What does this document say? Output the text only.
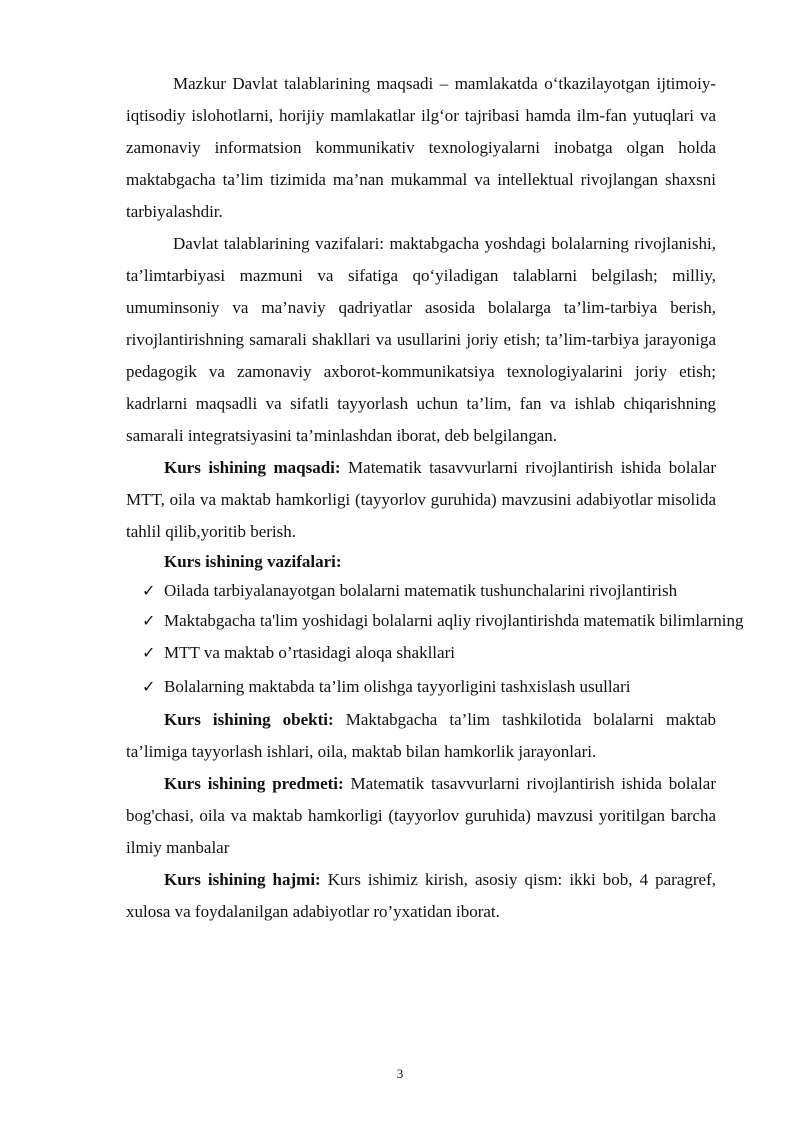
Mazkur Davlat talablarining maqsadi – mamlakatda o‘tkazilayotgan ijtimoiy-iqtisodiy islohotlarni, horijiy mamlakatlar ilg‘or tajribasi hamda ilm-fan yutuqlari va zamonaviy informatsion kommunikativ texnologiyalarni inobatga olgan holda maktabgacha ta’lim tizimida ma’nan mukammal va intellektual rivojlangan shaxsni tarbiyalashdir.

Davlat talablarining vazifalari: maktabgacha yoshdagi bolalarning rivojlanishi, ta’limtarbiyasi mazmuni va sifatiga qo‘yiladigan talablarni belgilash; milliy, umuminsoniy va ma’naviy qadriyatlar asosida bolalarga ta’lim-tarbiya berish, rivojlantirishning samarali shakllari va usullarini joriy etish; ta’lim-tarbiya jarayoniga pedagogik va zamonaviy axborot-kommunikatsiya texnologiyalarini joriy etish; kadrlarni maqsadli va sifatli tayyorlash uchun ta’lim, fan va ishlab chiqarishning samarali integratsiyasini ta’minlashdan iborat, deb belgilangan.

Kurs ishining maqsadi: Matematik tasavvurlarni rivojlantirish ishida bolalar MTT, oila va maktab hamkorligi (tayyorlov guruhida) mavzusini adabiyotlar misolida tahlil qilib,yoritib berish.

Kurs ishining vazifalari:

✓ Oilada tarbiyalanayotgan bolalarni matematik tushunchalarini rivojlantirish
✓ Maktabgacha ta'lim yoshidagi bolalarni aqliy rivojlantirishda matematik bilimlarning
✓ MTT va maktab o’rtasidagi aloqa shakllari
✓ Bolalarning maktabda ta’lim olishga tayyorligini tashxislash usullari

Kurs ishining obekti: Maktabgacha ta’lim tashkilotida bolalarni maktab ta’limiga tayyorlash ishlari, oila, maktab bilan hamkorlik jarayonlari.

Kurs ishining predmeti: Matematik tasavvurlarni rivojlantirish ishida bolalar bog'chasi, oila va maktab hamkorligi (tayyorlov guruhida) mavzusi yoritilgan barcha ilmiy manbalar

Kurs ishining hajmi: Kurs ishimiz kirish, asosiy qism: ikki bob, 4 paragref, xulosa va foydalanilgan adabiyotlar ro’yxatidan iborat.

3
